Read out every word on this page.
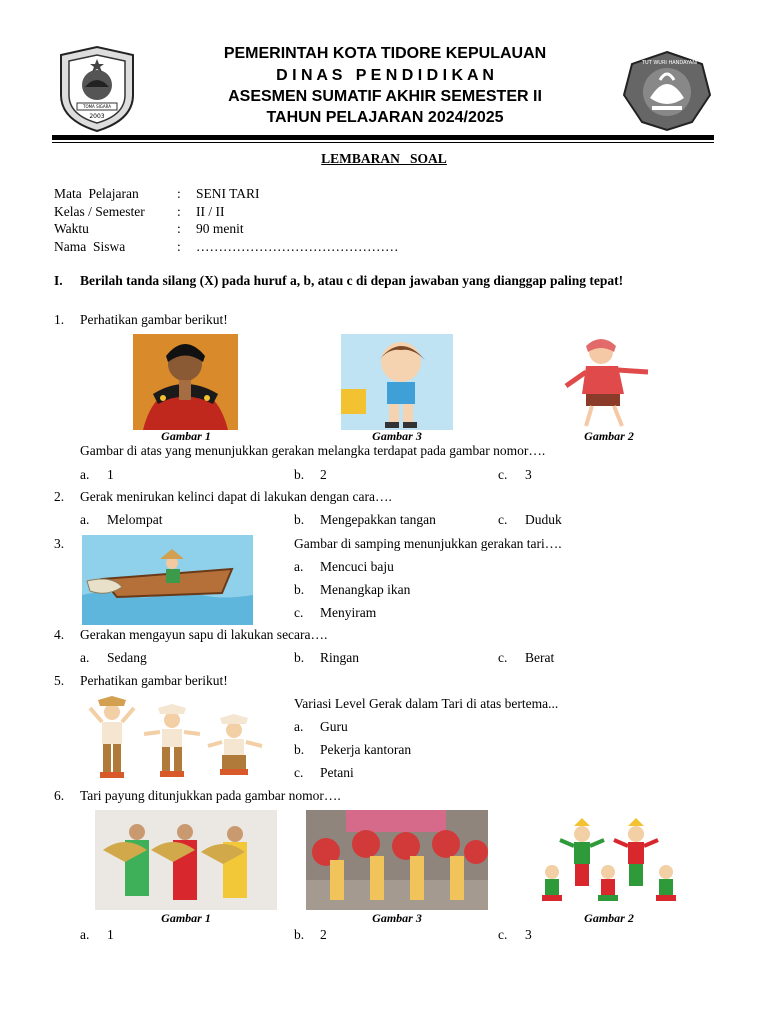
TOMA SIGARA
2003
PEMERINTAH KOTA TIDORE KEPULAUAN
D I N A S   P E N D I D I K A N
ASESMEN SUMATIF AKHIR SEMESTER II
TAHUN PELAJARAN 2024/2025
TUT WURI HANDAYANI
LEMBARAN   SOAL
Mata  Pelajaran	: SENI TARI
Kelas / Semester : II / II
Waktu	: 90 menit
Nama  Siswa	: ………………………………………
I. Berilah tanda silang (X) pada huruf a, b, atau c di depan jawaban yang dianggap paling tepat!
1. Perhatikan gambar berikut!
Gambar 1	Gambar 3	Gambar 2
Gambar di atas yang menunjukkan gerakan melangka terdapat pada gambar nomor….
a. 1	b. 2	c. 3
2. Gerak menirukan kelinci dapat di lakukan dengan cara….
a. Melompat	b. Mengepakkan tangan	c. Duduk
3.	Gambar di samping menunjukkan gerakan tari….
a. Mencuci baju
b. Menangkap ikan
c. Menyiram
4. Gerakan mengayun sapu di lakukan secara….
a. Sedang	b. Ringan	c. Berat
5. Perhatikan gambar berikut!
Variasi Level Gerak dalam Tari di atas bertema...
a. Guru
b. Pekerja kantoran
c. Petani
6. Tari payung ditunjukkan pada gambar nomor….
Gambar 1	Gambar 3	Gambar 2
a. 1	b. 2	c. 3
